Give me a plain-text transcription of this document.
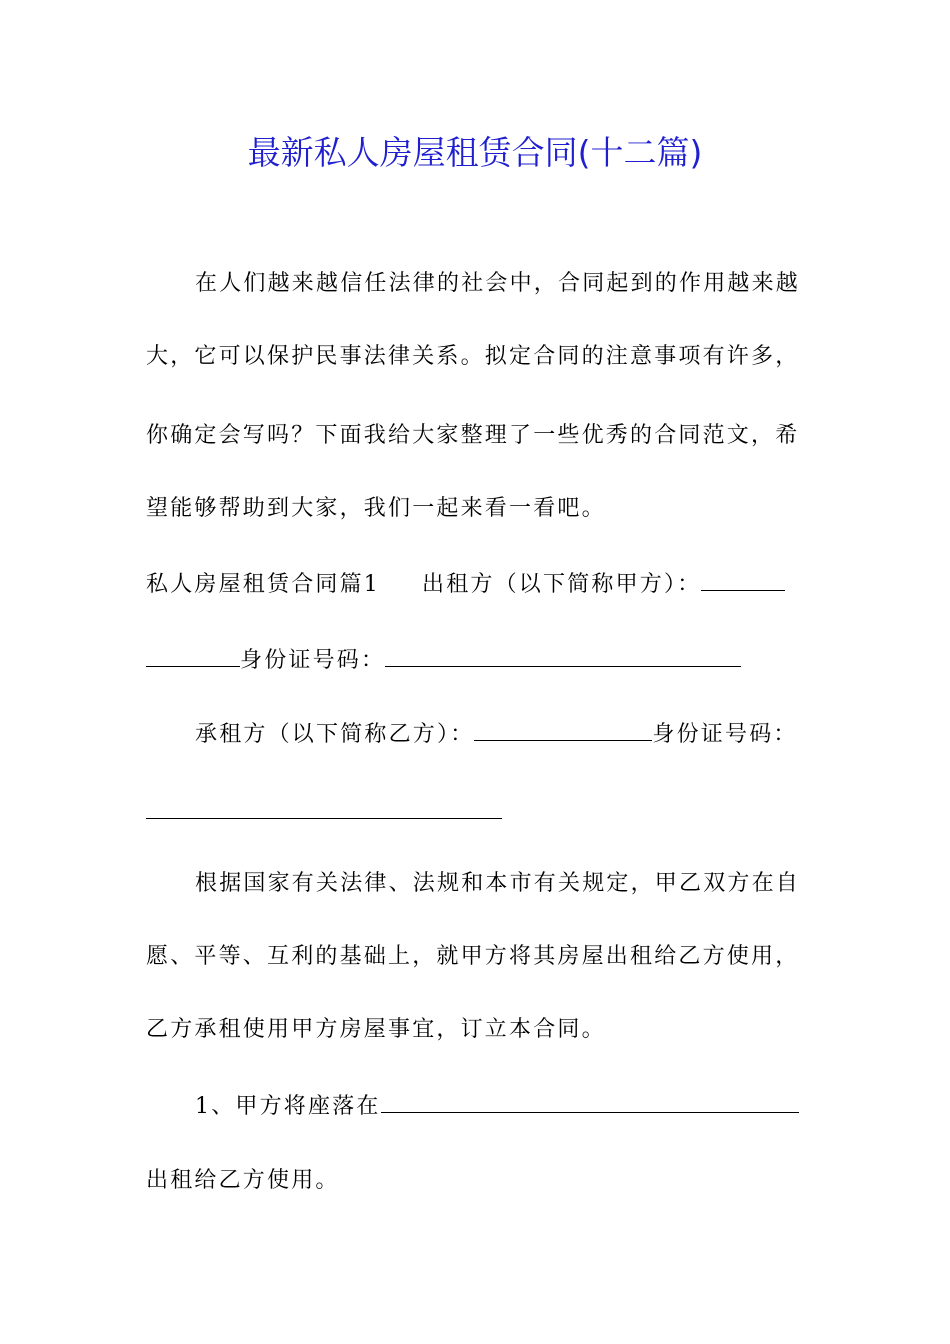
最新私人房屋租赁合同(十二篇)
在人们越来越信任法律的社会中，合同起到的作用越来越
大，它可以保护民事法律关系。拟定合同的注意事项有许多，
你确定会写吗？下面我给大家整理了一些优秀的合同范文，希
望能够帮助到大家，我们一起来看一看吧。
私人房屋租赁合同篇1 出租方（以下简称甲方）：
身份证号码：
承租方（以下简称乙方）：	身份证号码：
根据国家有关法律、法规和本市有关规定，甲乙双方在自
愿、平等、互利的基础上，就甲方将其房屋出租给乙方使用，
乙方承租使用甲方房屋事宜，订立本合同。
1、甲方将座落在
出租给乙方使用。
